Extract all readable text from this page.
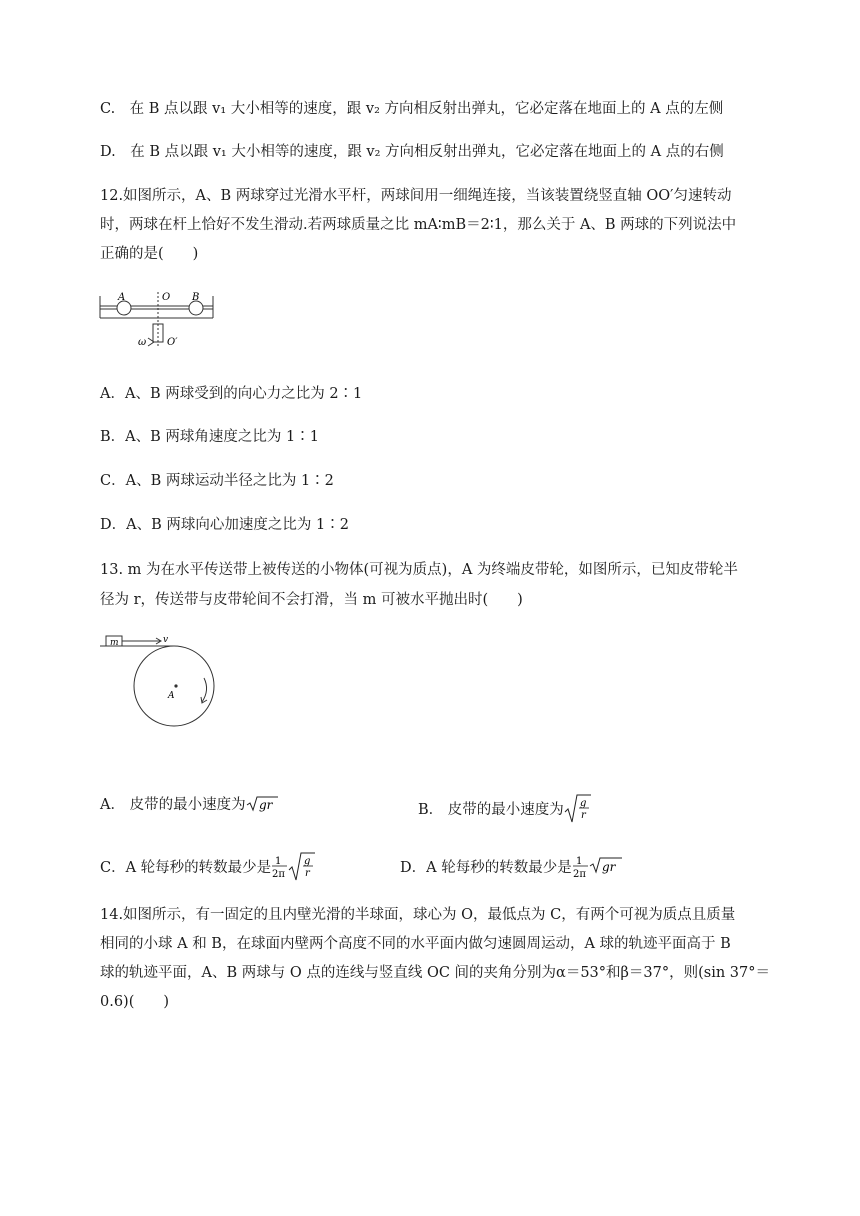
C.　在 B 点以跟 v₁ 大小相等的速度，跟 v₂ 方向相反射出弹丸，它必定落在地面上的 A 点的左侧
D.　在 B 点以跟 v₁ 大小相等的速度，跟 v₂ 方向相反射出弹丸，它必定落在地面上的 A 点的右侧
12.如图所示，A、B 两球穿过光滑水平杆，两球间用一细绳连接，当该装置绕竖直轴 OO′匀速转动
时，两球在杆上恰好不发生滑动.若两球质量之比 mA∶mB＝2∶1，那么关于 A、B 两球的下列说法中
正确的是(　　)
A	O B
ω O′
A．A、B 两球受到的向心力之比为 2∶1
B．A、B 两球角速度之比为 1∶1
C．A、B 两球运动半径之比为 1∶2
D．A、B 两球向心加速度之比为 1∶2
13. m 为在水平传送带上被传送的小物体(可视为质点)，A 为终端皮带轮，如图所示，已知皮带轮半
径为 r，传送带与皮带轮间不会打滑，当 m 可被水平抛出时(　　)
m	v
A
A． 皮带的最小速度为 gr	B． 皮带的最小速度为 g
r
C．A 轮每秒的转数最少是 1
2π
g
r	D．A 轮每秒的转数最少是 1
2π
gr
14.如图所示，有一固定的且内壁光滑的半球面，球心为 O，最低点为 C，有两个可视为质点且质量
相同的小球 A 和 B，在球面内壁两个高度不同的水平面内做匀速圆周运动，A 球的轨迹平面高于 B
球的轨迹平面，A、B 两球与 O 点的连线与竖直线 OC 间的夹角分别为α＝53°和β＝37°，则(sin 37°＝
0.6)(　　)
